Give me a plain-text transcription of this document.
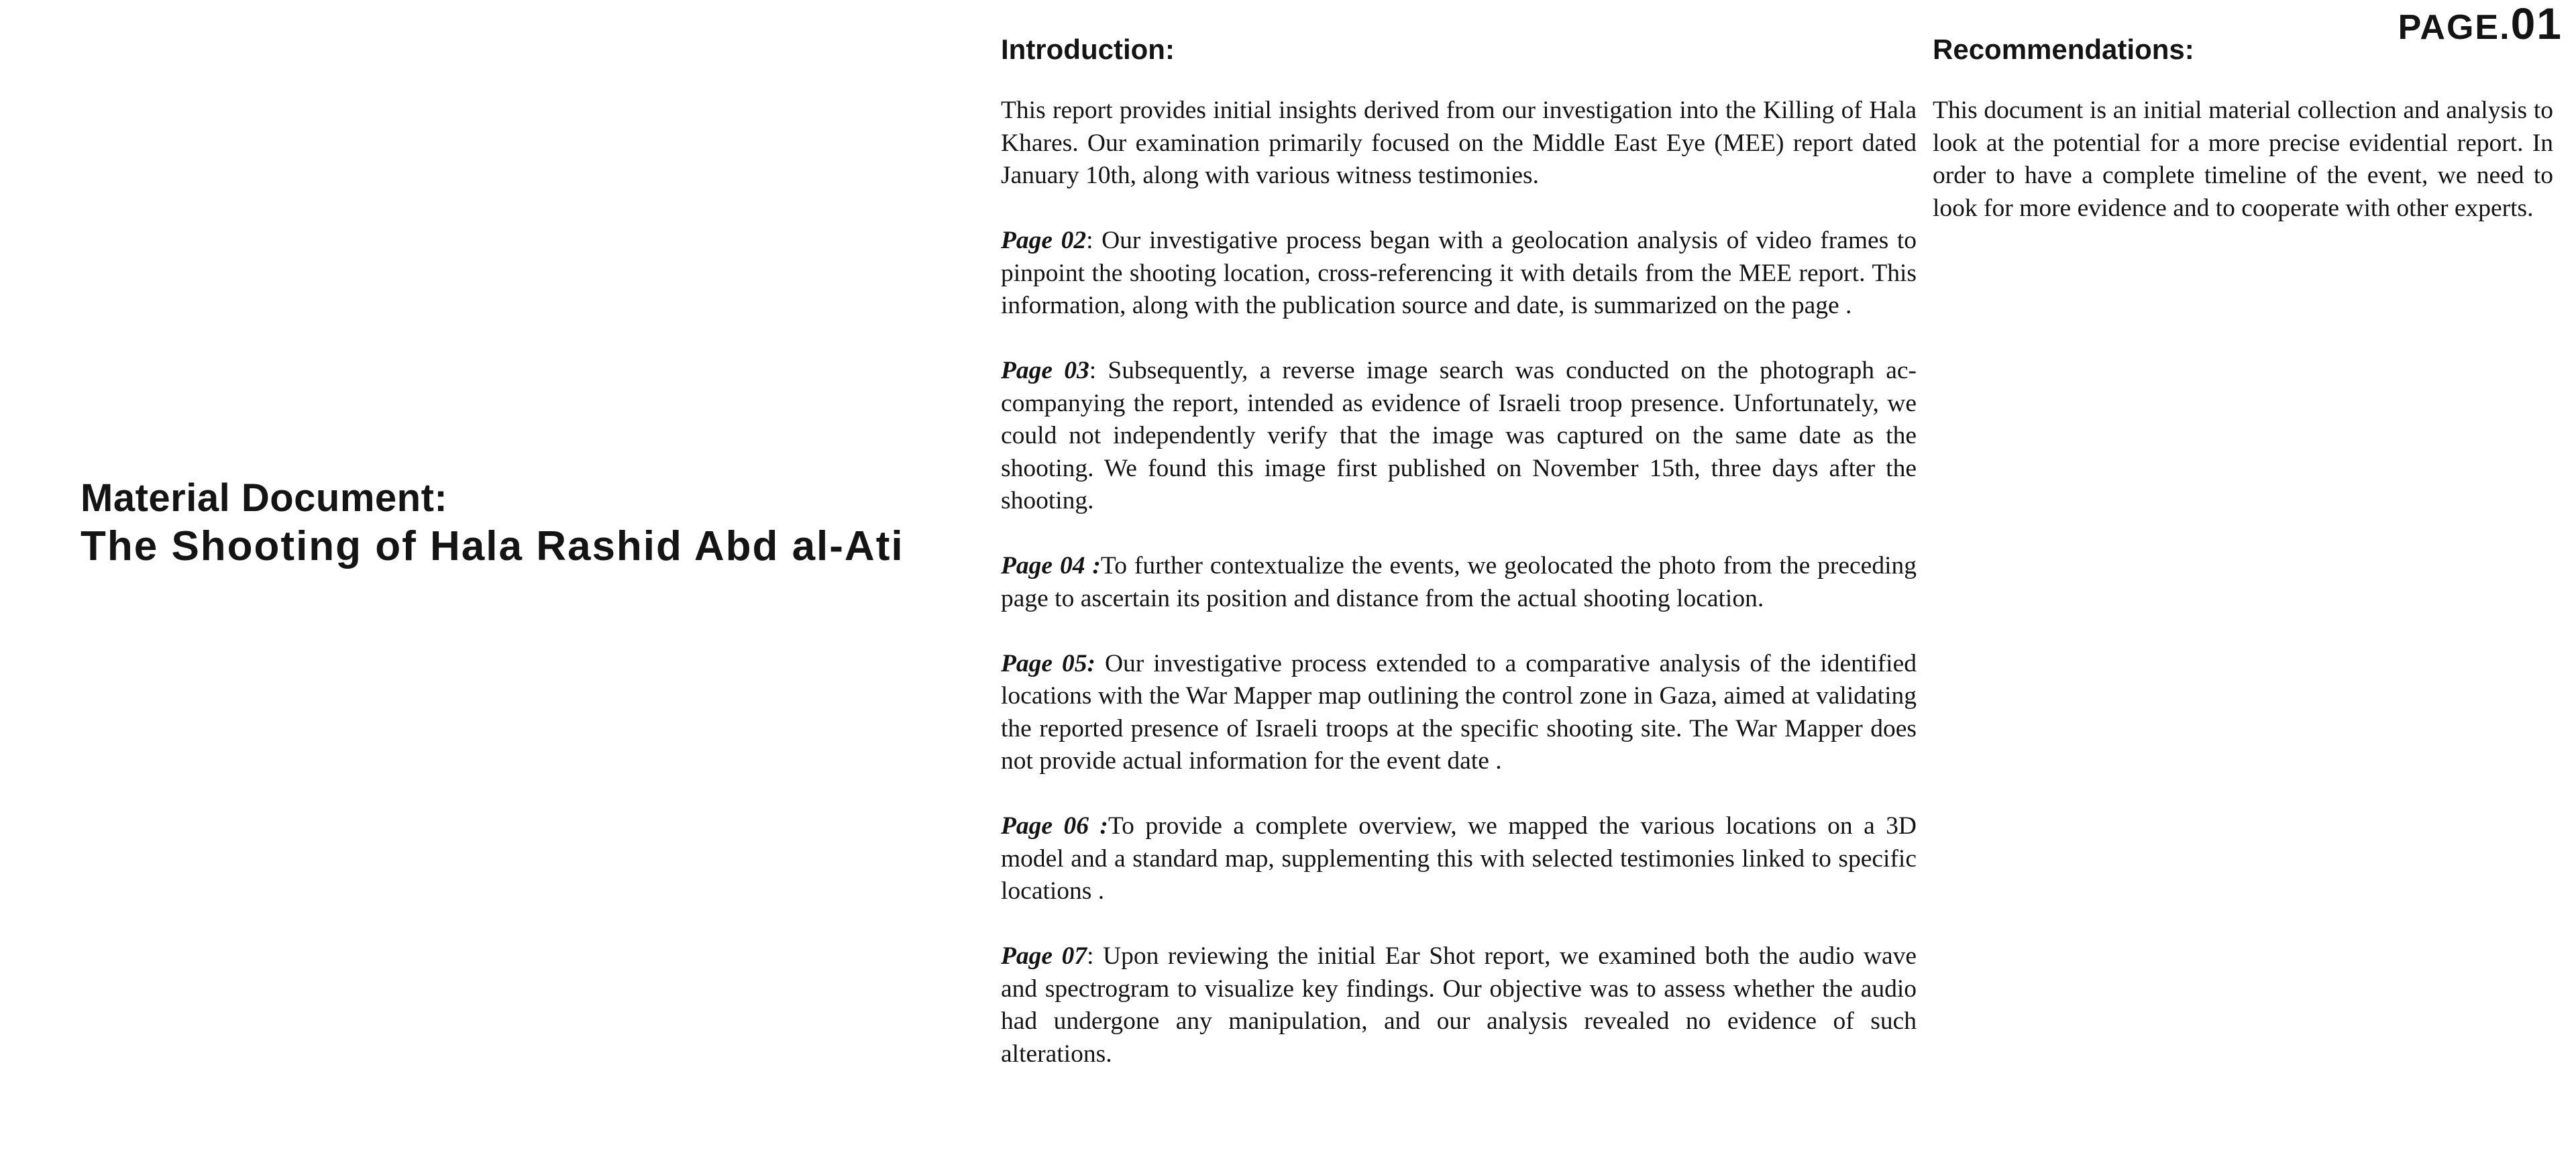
PAGE.01
Material Document:
The Shooting of Hala Rashid Abd al-Ati
Introduction:

This report provides initial insights derived from our investigation into the Killing of Hala Khares. Our examination primarily focused on the Middle East Eye (MEE) report dated January 10th, along with various witness testimonies.

Page 02: Our investigative process began with a geolocation analysis of video frames to pinpoint the shooting location, cross-referencing it with details from the MEE report. This information, along with the publication source and date, is summarized on the page .

Page 03: Subsequently, a reverse image search was conducted on the photograph accompanying the report, intended as evidence of Israeli troop presence. Unfortunately, we could not independently verify that the image was captured on the same date as the shooting. We found this image first published on November 15th, three days after the shooting.

Page 04 :To further contextualize the events, we geolocated the photo from the preceding page to ascertain its position and distance from the actual shooting location.

Page 05: Our investigative process extended to a comparative analysis of the identified locations with the War Mapper map outlining the control zone in Gaza, aimed at validating the reported presence of Israeli troops at the specific shooting site. The War Mapper does not provide actual information for the event date .

Page 06 :To provide a complete overview, we mapped the various locations on a 3D model and a standard map, supplementing this with selected testimonies linked to specific locations .

Page 07: Upon reviewing the initial Ear Shot report, we examined both the audio wave and spectrogram to visualize key findings. Our objective was to assess whether the audio had undergone any manipulation, and our analysis revealed no evidence of such alterations.

Recommendations:

This document is an initial material collection and analysis to look at the potential for a more precise evidential report. In order to have a complete timeline of the event, we need to look for more evidence and to cooperate with other experts.
